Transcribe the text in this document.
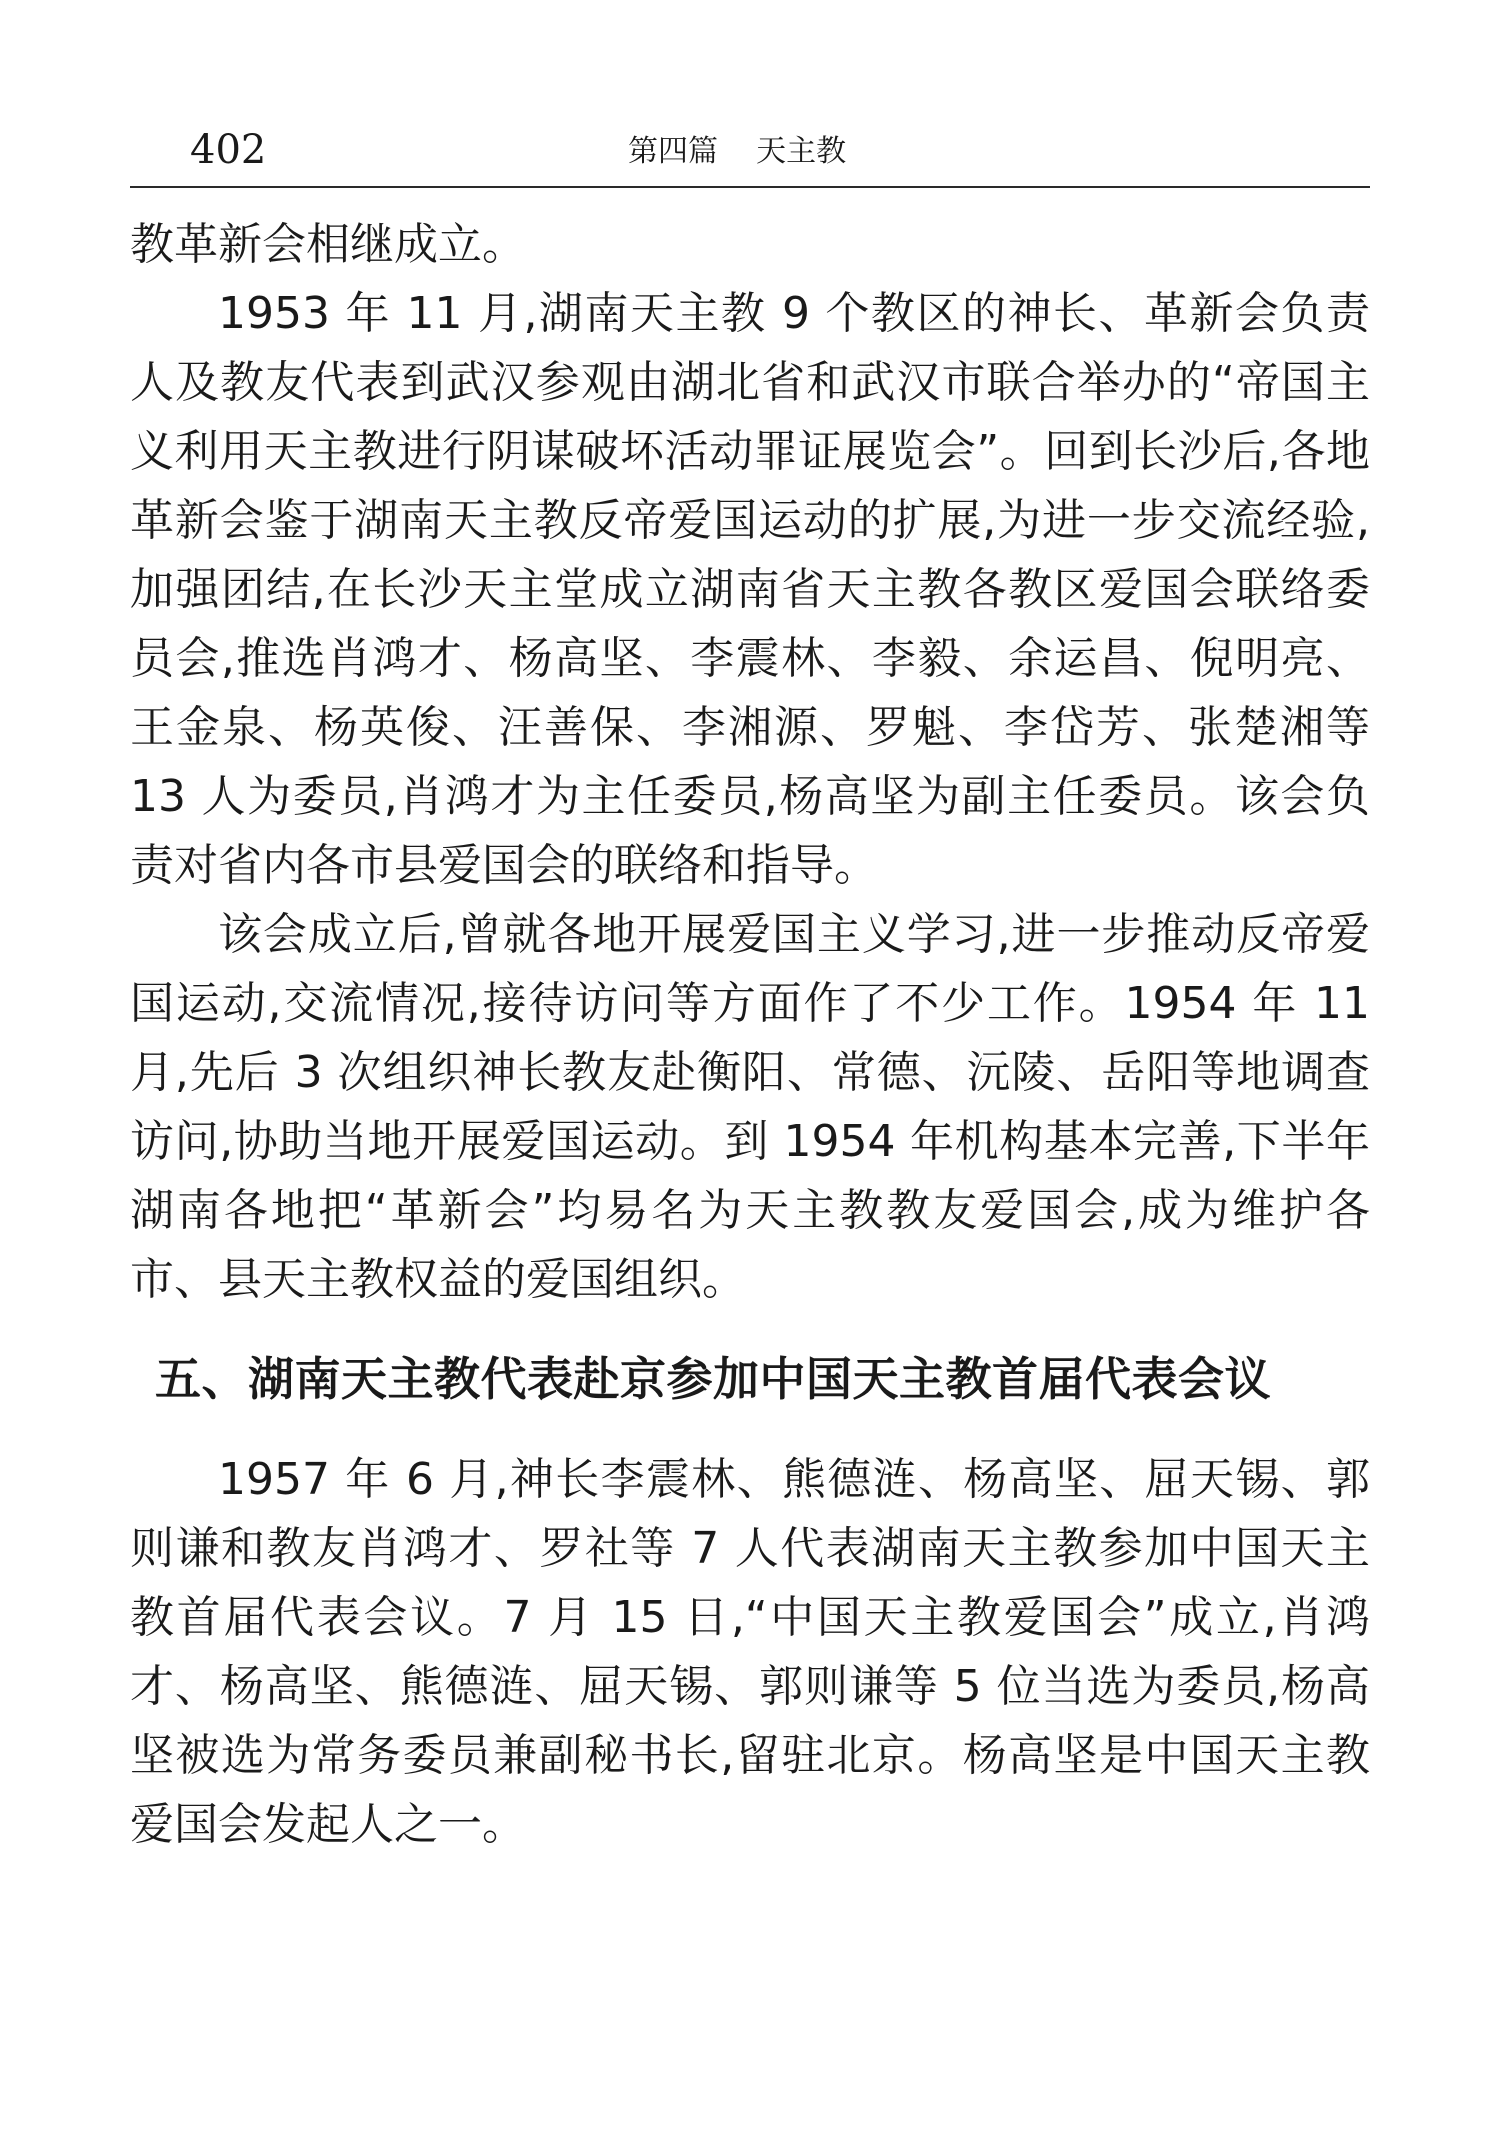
402	第四篇    天主教

教革新会相继成立。

1953 年 11 月,湖南天主教 9 个教区的神长、革新会负责人及教友代表到武汉参观由湖北省和武汉市联合举办的“帝国主义利用天主教进行阴谋破坏活动罪证展览会”。回到长沙后,各地革新会鉴于湖南天主教反帝爱国运动的扩展,为进一步交流经验,加强团结,在长沙天主堂成立湖南省天主教各教区爱国会联络委员会,推选肖鸿才、杨高坚、李震林、李毅、余运昌、倪明亮、王金泉、杨英俊、汪善保、李湘源、罗魁、李岱芳、张楚湘等 13 人为委员,肖鸿才为主任委员,杨高坚为副主任委员。该会负责对省内各市县爱国会的联络和指导。

该会成立后,曾就各地开展爱国主义学习,进一步推动反帝爱国运动,交流情况,接待访问等方面作了不少工作。1954 年 11 月,先后 3 次组织神长教友赴衡阳、常德、沅陵、岳阳等地调查访问,协助当地开展爱国运动。到 1954 年机构基本完善,下半年湖南各地把“革新会”均易名为天主教教友爱国会,成为维护各市、县天主教权益的爱国组织。

五、湖南天主教代表赴京参加中国天主教首届代表会议

1957 年 6 月,神长李震林、熊德涟、杨高坚、屈天锡、郭则谦和教友肖鸿才、罗社等 7 人代表湖南天主教参加中国天主教首届代表会议。7 月 15 日,“中国天主教爱国会”成立,肖鸿才、杨高坚、熊德涟、屈天锡、郭则谦等 5 位当选为委员,杨高坚被选为常务委员兼副秘书长,留驻北京。杨高坚是中国天主教爱国会发起人之一。
